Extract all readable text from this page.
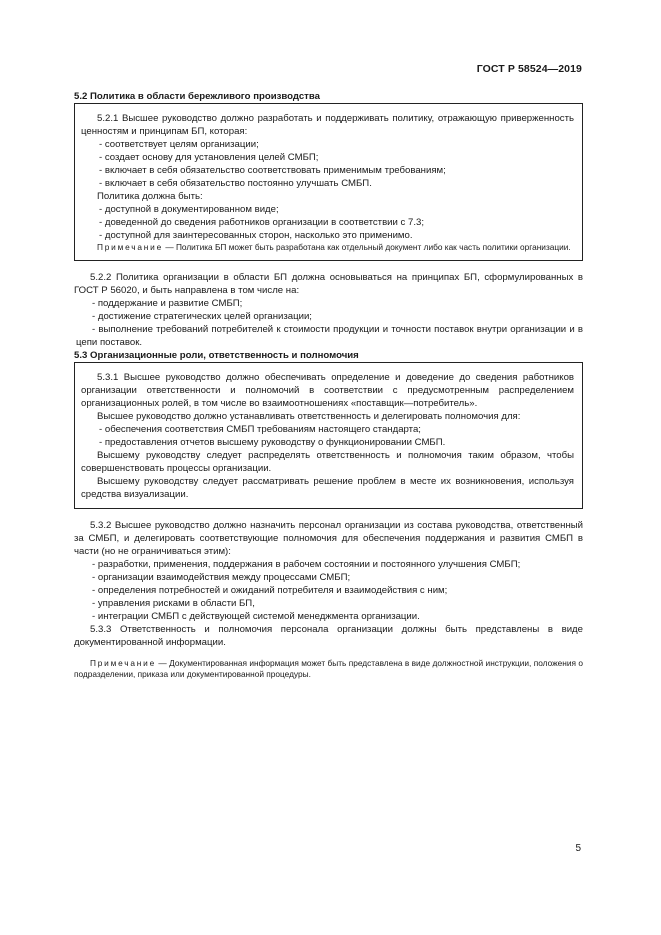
ГОСТ Р 58524—2019

5.2 Политика в области бережливого производства

5.2.1 Высшее руководство должно разработать и поддерживать политику, отражающую приверженность ценностям и принципам БП, которая:

- соответствует целям организации;

- создает основу для установления целей СМБП;

- включает в себя обязательство соответствовать применимым требованиям;

- включает в себя обязательство постоянно улучшать СМБП.

Политика должна быть:

- доступной в документированном виде;

- доведенной до сведения работников организации в соответствии с 7.3;

- доступной для заинтересованных сторон, насколько это применимо.

Примечание — Политика БП может быть разработана как отдельный документ либо как часть политики организации.

5.2.2 Политика организации в области БП должна основываться на принципах БП, сформулированных в ГОСТ Р 56020, и быть направлена в том числе на:

- поддержание и развитие СМБП;

- достижение стратегических целей организации;

- выполнение требований потребителей к стоимости продукции и точности поставок внутри организации и в цепи поставок.

5.3 Организационные роли, ответственность и полномочия

5.3.1 Высшее руководство должно обеспечивать определение и доведение до сведения работников организации ответственности и полномочий в соответствии с предусмотренным распределением организационных ролей, в том числе во взаимоотношениях «поставщик—потребитель».

Высшее руководство должно устанавливать ответственность и делегировать полномочия для:

- обеспечения соответствия СМБП требованиям настоящего стандарта;

- предоставления отчетов высшему руководству о функционировании СМБП.

Высшему руководству следует распределять ответственность и полномочия таким образом, чтобы совершенствовать процессы организации.

Высшему руководству следует рассматривать решение проблем в месте их возникновения, используя средства визуализации.

5.3.2 Высшее руководство должно назначить персонал организации из состава руководства, ответственный за СМБП, и делегировать соответствующие полномочия для обеспечения поддержания и развития СМБП в части (но не ограничиваться этим):

- разработки, применения, поддержания в рабочем состоянии и постоянного улучшения СМБП;

- организации взаимодействия между процессами СМБП;

- определения потребностей и ожиданий потребителя и взаимодействия с ним;

- управления рисками в области БП,

- интеграции СМБП с действующей системой менеджмента организации.

5.3.3 Ответственность и полномочия персонала организации должны быть представлены в виде документированной информации.

Примечание — Документированная информация может быть представлена в виде должностной инструкции, положения о подразделении, приказа или документированной процедуры.

5
